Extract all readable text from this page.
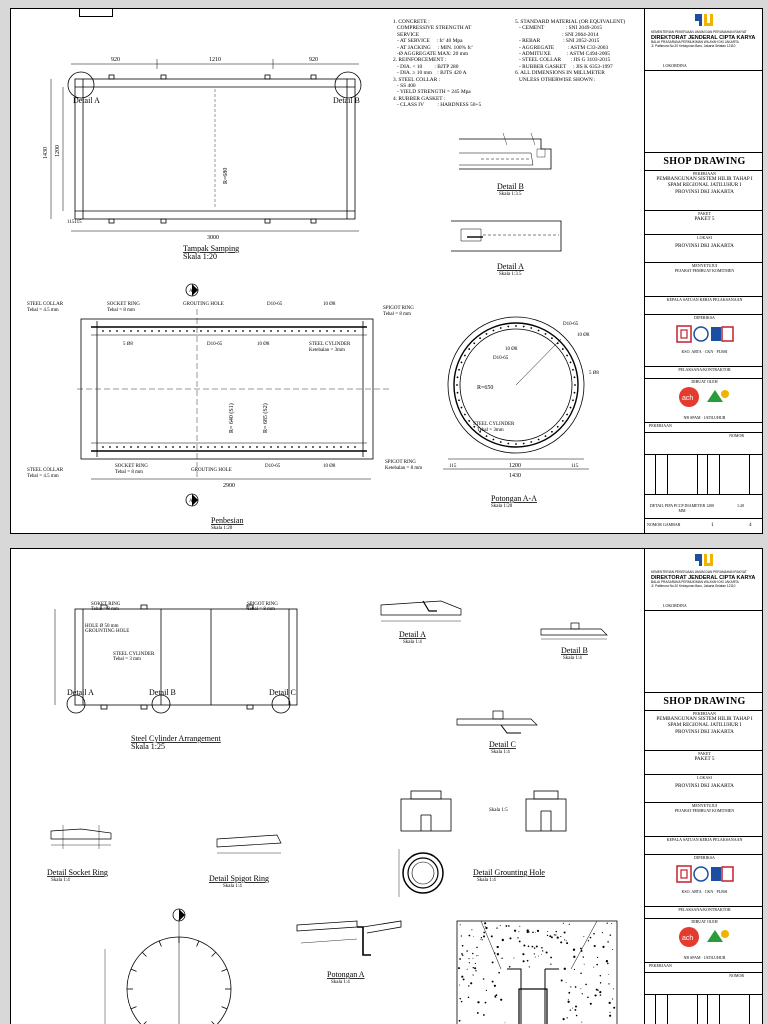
920	1210	920
1430 1200
3000
115115
R=680
Detail A	Detail B
Tampak Samping
Skala 1:20
Detail B
Skala 1:3.5
Detail A
Skala 1:3.5
A
A
STEEL COLLAR
Tebal = 4.5 mm
SOCKET RING
Tebal = 8 mm
GROUTING HOLE	D10-65	10 Ø8
SPIGOT RING
Tebal = 8 mm
5 Ø8	D10-65	10 Ø8	STEEL CYLINDER
Ketebalan = 3mm
R= 640 (S1)	R= 685 (S2)
STEEL COLLAR
Tebal = 4.5 mm
SOCKET RING
Tebal = 8 mm	GROUTING HOLE
D10-65	10 Ø8
SPIGOT RING
Ketebalan = 8 mm
2900
Penbesian
Skala 1:20
D10-65
10 Ø8
5 Ø8
10 Ø8
D10-65
R=650
STEEL CYLINDER
Tebal = 3mm
1200
1430
115	115
Potongan A-A
Skala 1:20
1. CONCRETE :
COMPRESSIVE STRENGTH AT
SERVICE
- AT SERVICE     : fc' 40 Mpa
- AT JACKING     : MIN. 100% fc'
-Ø AGGREGATE MAX: 20 mm
2. REINFORCEMENT :
- DIA. < 10         : BJTP 280
- DIA. ≥ 10 mm    : BJTS 420 A
3. STEEL COLLAR :
- SS 400
- YIELD STRENGTH = 245 Mpa
4. RUBBER GASKET :
- CLASS IV          : HARDNESS 50+5
5. STANDARD MATERIAL (OR EQUIVALENT)
- CEMENT                : SNI 2049-2015
: SNI 2064-2014
- REBAR                 : SNI 2052-2015
- AGGREGATE          : ASTM C33-2003
- ADMITUXE            : ASTM C494-2005
- STEEL COLLAR       : JIS G 3103-2015
- RUBBER GASKET     : JIS K 6353-1997
6. ALL DIMENSIONS IN MILLMETER
UNLESS OTHERWISE SHOWN :
KEMENTERIAN PEKERJAAN UMUM DAN PERUMAHAN RAKYAT
DIREKTORAT JENDERAL CIPTA KARYA
BALAI PRASARANA PERMUKIMAN WILAYAH DKI JAKARTA
Jl. Pattimura No.20 Kebayoran Baru, Jakarta Selatan 12110
LOKORDINA
SHOP DRAWING
PEKERJAAN
PEMBANGUNAN SISTEM HILIR TAHAP I
SPAM REGIONAL JATILUHUR I
PROVINSI DKI JAKARTA
PAKET
PAKET 5
LOKASI
PROVINSI DKI JAKARTA
MENYETUJUI
PEJABAT PEMBUAT KOMITMEN
KEPALA SATUAN KERJA PELAKSANAAN
DIPERIKSA
KSO. ARTA · CKN · PLRSI
PELAKSANA/KONTRAKTOR
DIBUAT OLEH
ach
NB SPAM · JATILUHUR
PEKERJAAN
NOMOR
DETAIL PIPA PCCP DIAMETER 1200 MM
1:20
NOMOR GAMBAR	1	4
SOKET RING
Tebal = 8 mm
SPIGOT RING
Tebal = 8 mm
HOLE Ø 50 mm
GROUNTING HOLE
STEEL CYLINDER
Tebal = 3 mm
Detail A	Detail B	Detail C
Steel Cylinder Arrangement
Skala 1:25
Detail A
Skala 1:4
Detail B
Skala 1:4
Detail C
Skala 1:4
Skala 1:5
Detail Grounting Hole
Skala 1:4
Detail Socket Ring
Skala 1:4	Detail Spigot Ring
Skala 1:4
Potongan A
Skala 1:4
KEMENTERIAN PEKERJAAN UMUM DAN PERUMAHAN RAKYAT
DIREKTORAT JENDERAL CIPTA KARYA
BALAI PRASARANA PERMUKIMAN WILAYAH DKI JAKARTA
Jl. Pattimura No.20 Kebayoran Baru, Jakarta Selatan 12110
LOKORDINA
SHOP DRAWING
PEKERJAAN
PEMBANGUNAN SISTEM HILIR TAHAP I
SPAM REGIONAL JATILUHUR I
PROVINSI DKI JAKARTA
PAKET
PAKET 5
LOKASI
PROVINSI DKI JAKARTA
MENYETUJUI
PEJABAT PEMBUAT KOMITMEN
KEPALA SATUAN KERJA PELAKSANAAN
DIPERIKSA
KSO. ARTA · CKN · PLRSI
PELAKSANA/KONTRAKTOR
DIBUAT OLEH
ach
NB SPAM · JATILUHUR
PEKERJAAN
NOMOR
